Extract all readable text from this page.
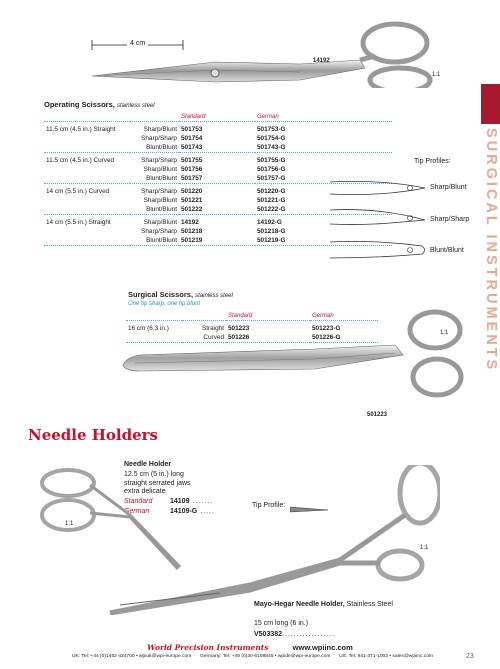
SURGICAL INSTRUMENTS
4 cm
14192
1:1
Operating Scissors, stainless steel
		Standard	German
11.5 cm (4.5 in.) Straight	Sharp/Blunt	501753	501753-G
	Sharp/Sharp	501754	501754-G
	Blunt/Blunt	501743	501743-G
11.5 cm (4.5 in.) Curved	Sharp/Sharp	501755	501755-G
	Sharp/Blunt	501756	501756-G
	Blunt/Blunt	501757	501757-G
14 cm (5.5 in.) Curved	Sharp/Sharp	501220	501220-G
	Sharp/Blunt	501221	501221-G
	Blunt/Blunt	501222	501222-G
14 cm (5.5 in.) Straight	Sharp/Blunt	14192	14192-G
	Sharp/Sharp	501218	501218-G
	Blunt/Blunt	501219	501219-G
Tip Profiles:
Sharp/Blunt
Sharp/Sharp
Blunt/Blunt
Surgical Scissors, stainless steel
One tip sharp, one tip blunt
		Standard	German
16 cm (6.3 in.)	Straight	501223	501223-G
	Curved	501226	501226-G
1:1
501223
Needle Holders
Needle Holder
12.5 cm (5 in.) long
straight serrated jaws
extra delicate
Standard	14109 .......
German	14109-G .....
Tip Profile:
1:1
1:1
Mayo-Hegar Needle Holder, Stainless Steel
15 cm long (6 in.)
V503382..................
World Precision Instruments	www.wpiinc.com
UK: Tel: +44 (0)1462 424700 • wpiuk@wpi-europe.com Germany: Tel: +49 (0)30-6188845 • wpide@wpi-europe.com US: Tel: 941-371-1003 • sales@wpiinc.com	23
